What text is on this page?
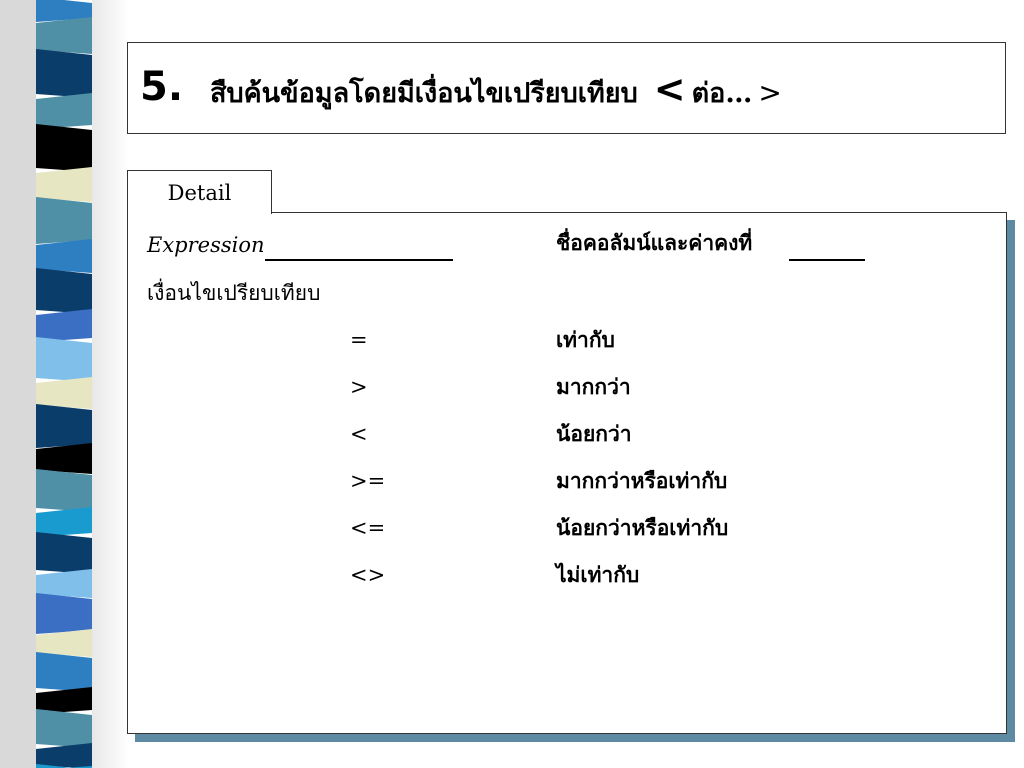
5. สืบค้นข้อมูลโดยมีเงื่อนไขเปรียบเทียบ < ต่อ… >
Detail
Expression	ชื่อคอลัมน์และค่าคงที่
เงื่อนไขเปรียบเทียบ
=	เท่ากับ
>	มากกว่า
<	น้อยกว่า
>=	มากกว่าหรือเท่ากับ
<=	น้อยกว่าหรือเท่ากับ
<>	ไม่เท่ากับ
